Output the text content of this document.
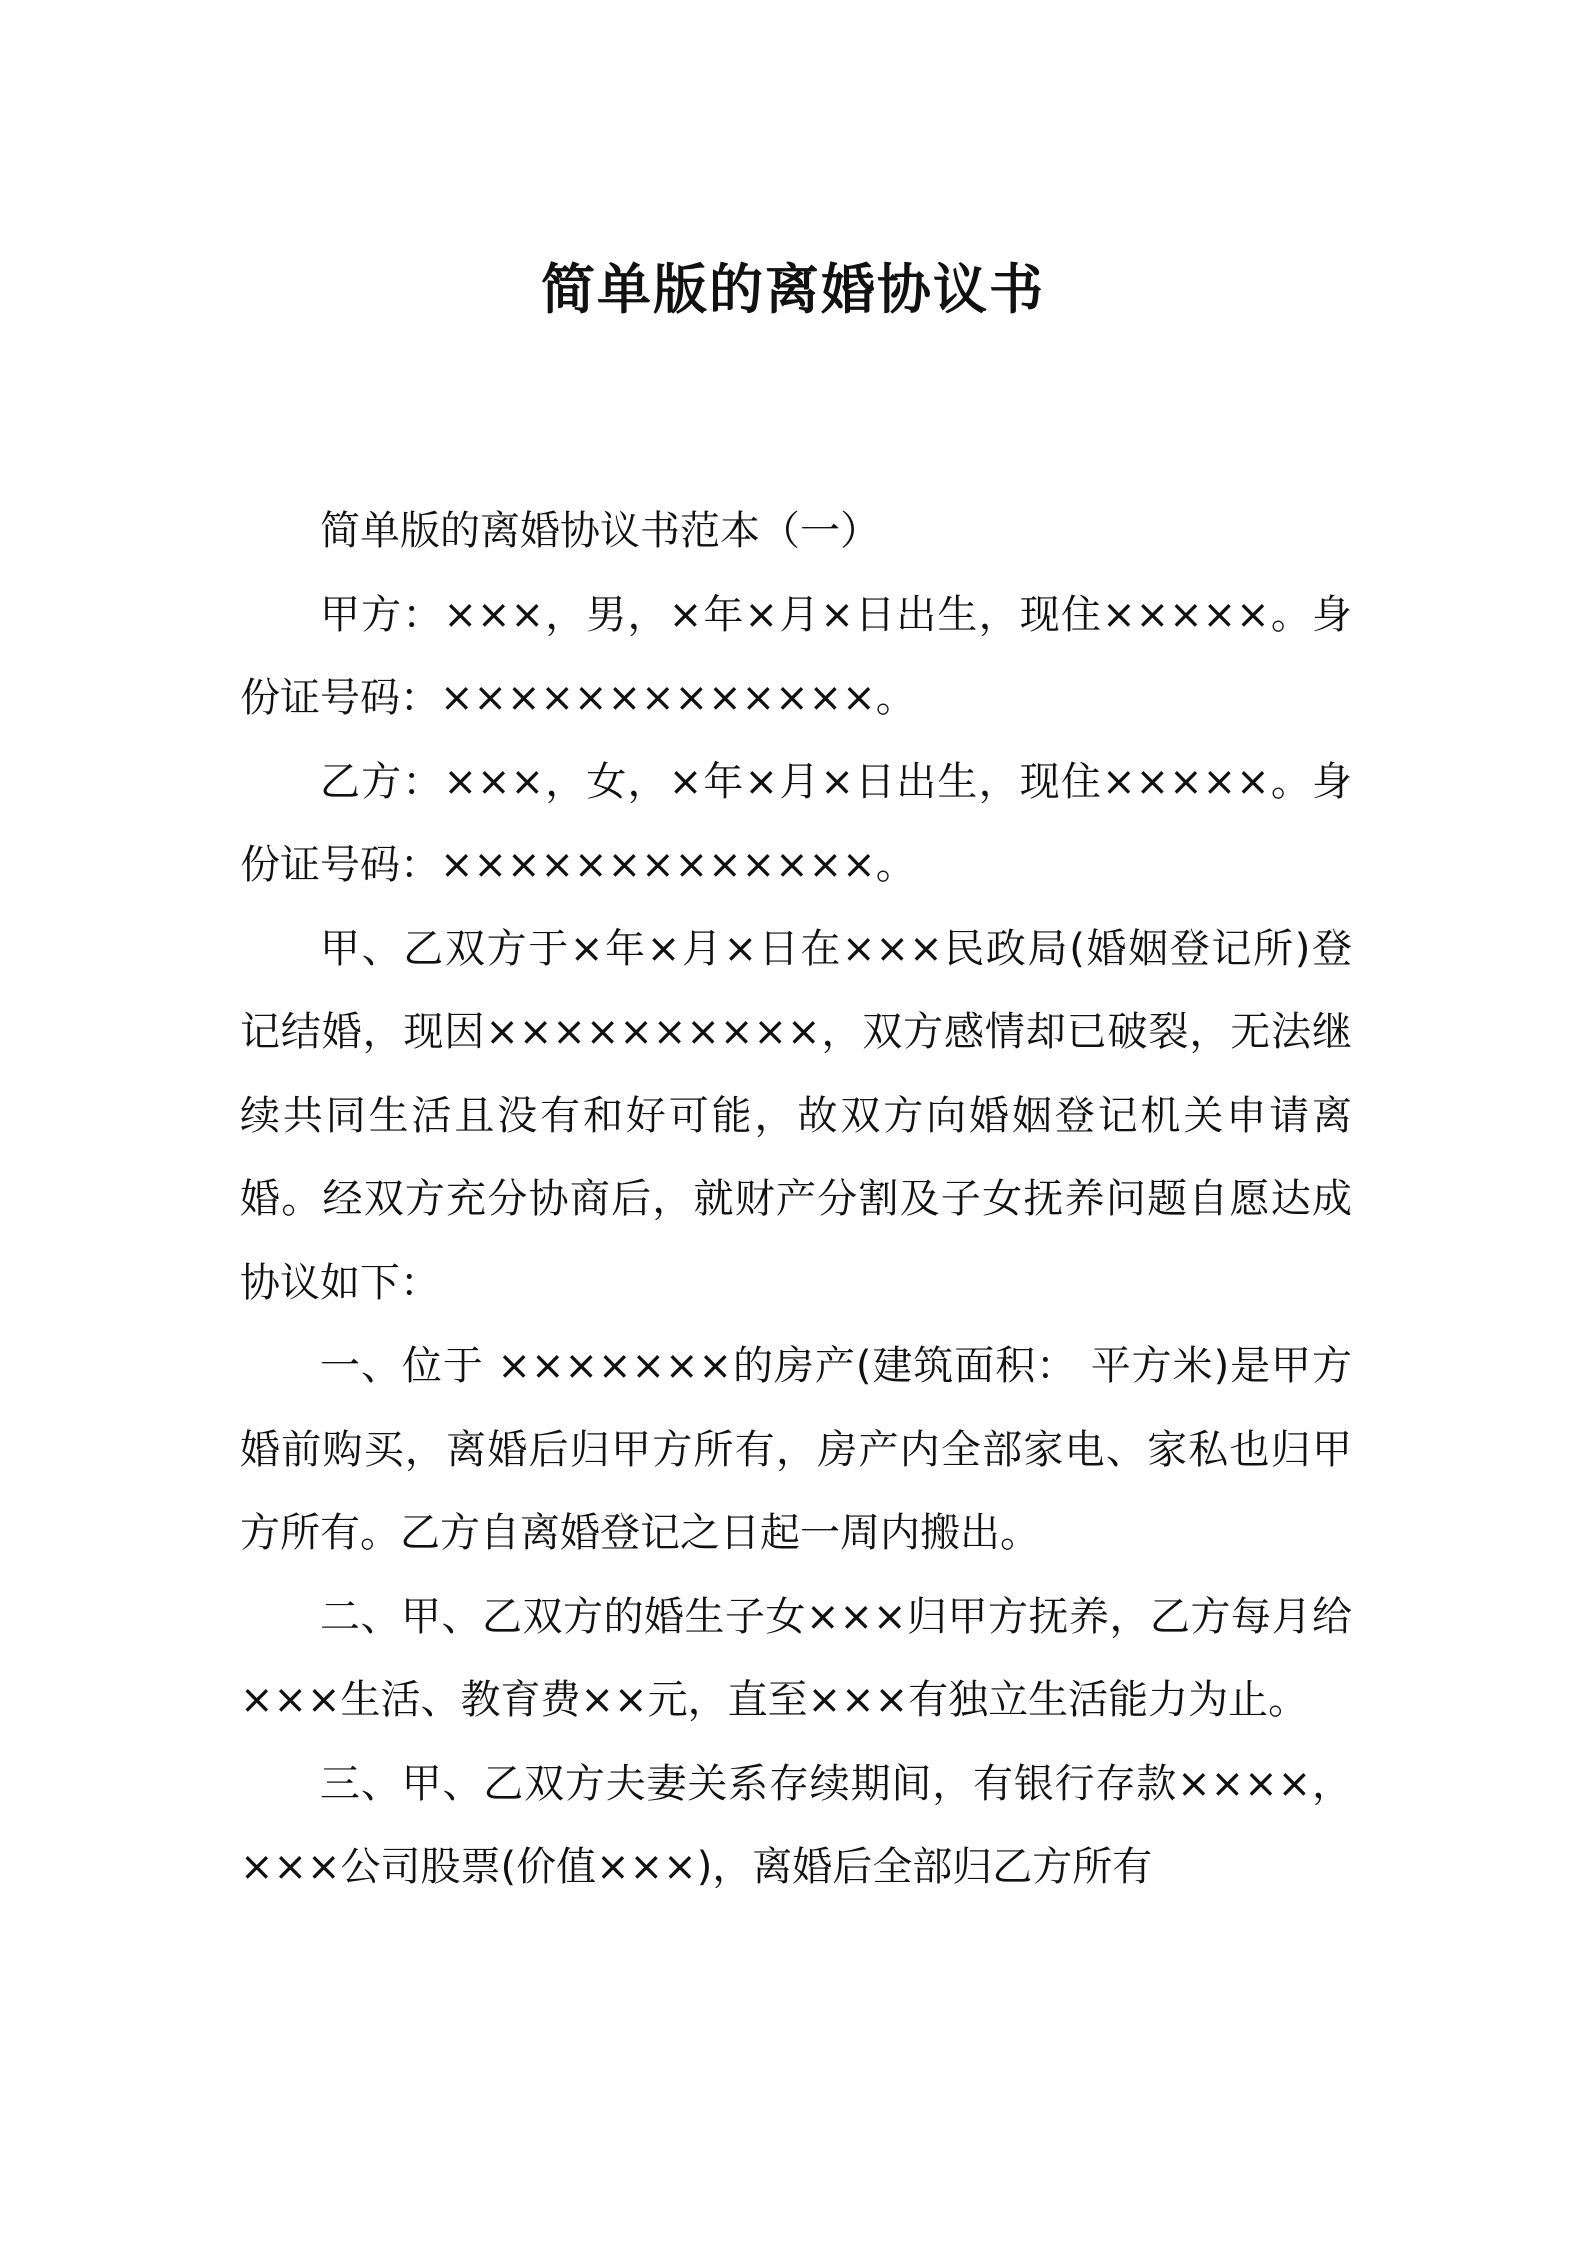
简单版的离婚协议书

简单版的离婚协议书范本（一）

甲方：×××，男，×年×月×日出生，现住×××××。身份证号码：×××××××××××××。

乙方：×××，女，×年×月×日出生，现住×××××。身份证号码：×××××××××××××。

甲、乙双方于×年×月×日在×××民政局(婚姻登记所)登记结婚，现因××××××××××，双方感情却已破裂，无法继续共同生活且没有和好可能，故双方向婚姻登记机关申请离婚。经双方充分协商后，就财产分割及子女抚养问题自愿达成协议如下：

一、位于 ×××××××的房产(建筑面积： 平方米)是甲方婚前购买，离婚后归甲方所有，房产内全部家电、家私也归甲方所有。乙方自离婚登记之日起一周内搬出。

二、甲、乙双方的婚生子女×××归甲方抚养，乙方每月给×××生活、教育费××元，直至×××有独立生活能力为止。

三、甲、乙双方夫妻关系存续期间，有银行存款××××，×××公司股票(价值×××)，离婚后全部归乙方所有
